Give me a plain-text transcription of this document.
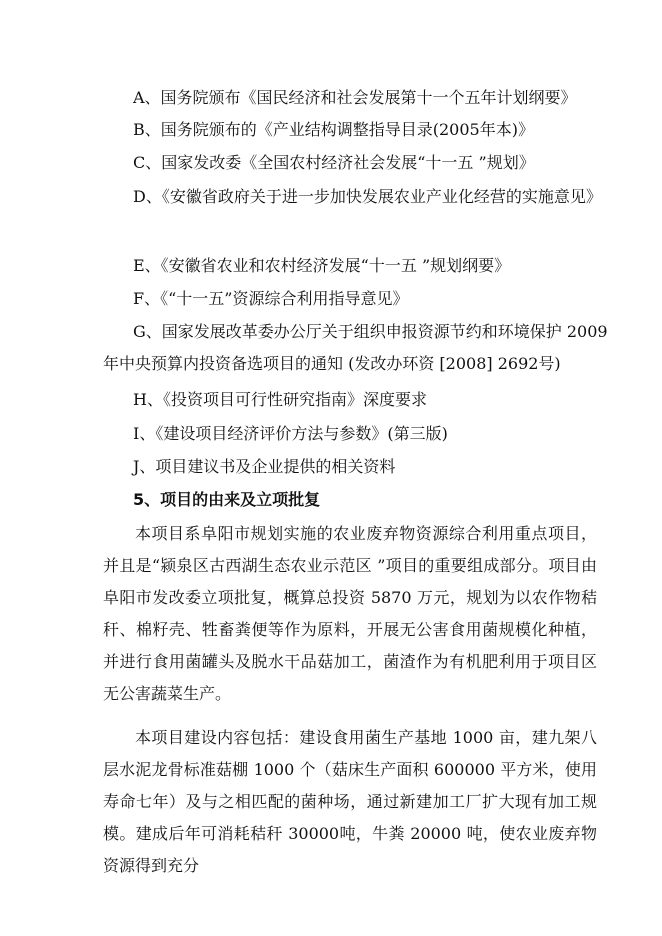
A、国务院颁布《国民经济和社会发展第十一个五年计划纲要》
B、国务院颁布的《产业结构调整指导目录(2005年本)》
C、国家发改委《全国农村经济社会发展“十一五 ”规划》
D、《安徽省政府关于进一步加快发展农业产业化经营的实施意见》
E、《安徽省农业和农村经济发展“十一五 ”规划纲要》
F、《“十一五”资源综合利用指导意见》
G、国家发展改革委办公厅关于组织申报资源节约和环境保护 2009
年中央预算内投资备选项目的通知 (发改办环资 [2008] 2692号)
H、《投资项目可行性研究指南》深度要求
I、《建设项目经济评价方法与参数》(第三版)
J、项目建议书及企业提供的相关资料
5、项目的由来及立项批复
本项目系阜阳市规划实施的农业废弃物资源综合利用重点项目，并且是“颍泉区古西湖生态农业示范区 ”项目的重要组成部分。项目由阜阳市发改委立项批复，概算总投资 5870 万元，规划为以农作物秸秆、棉籽壳、牲畜粪便等作为原料，开展无公害食用菌规模化种植，并进行食用菌罐头及脱水干品菇加工，菌渣作为有机肥利用于项目区无公害蔬菜生产。
本项目建设内容包括：建设食用菌生产基地 1000 亩，建九架八层水泥龙骨标准菇棚 1000 个（菇床生产面积 600000 平方米，使用寿命七年）及与之相匹配的菌种场，通过新建加工厂扩大现有加工规模。建成后年可消耗秸秆 30000吨，牛粪 20000 吨，使农业废弃物资源得到充分
